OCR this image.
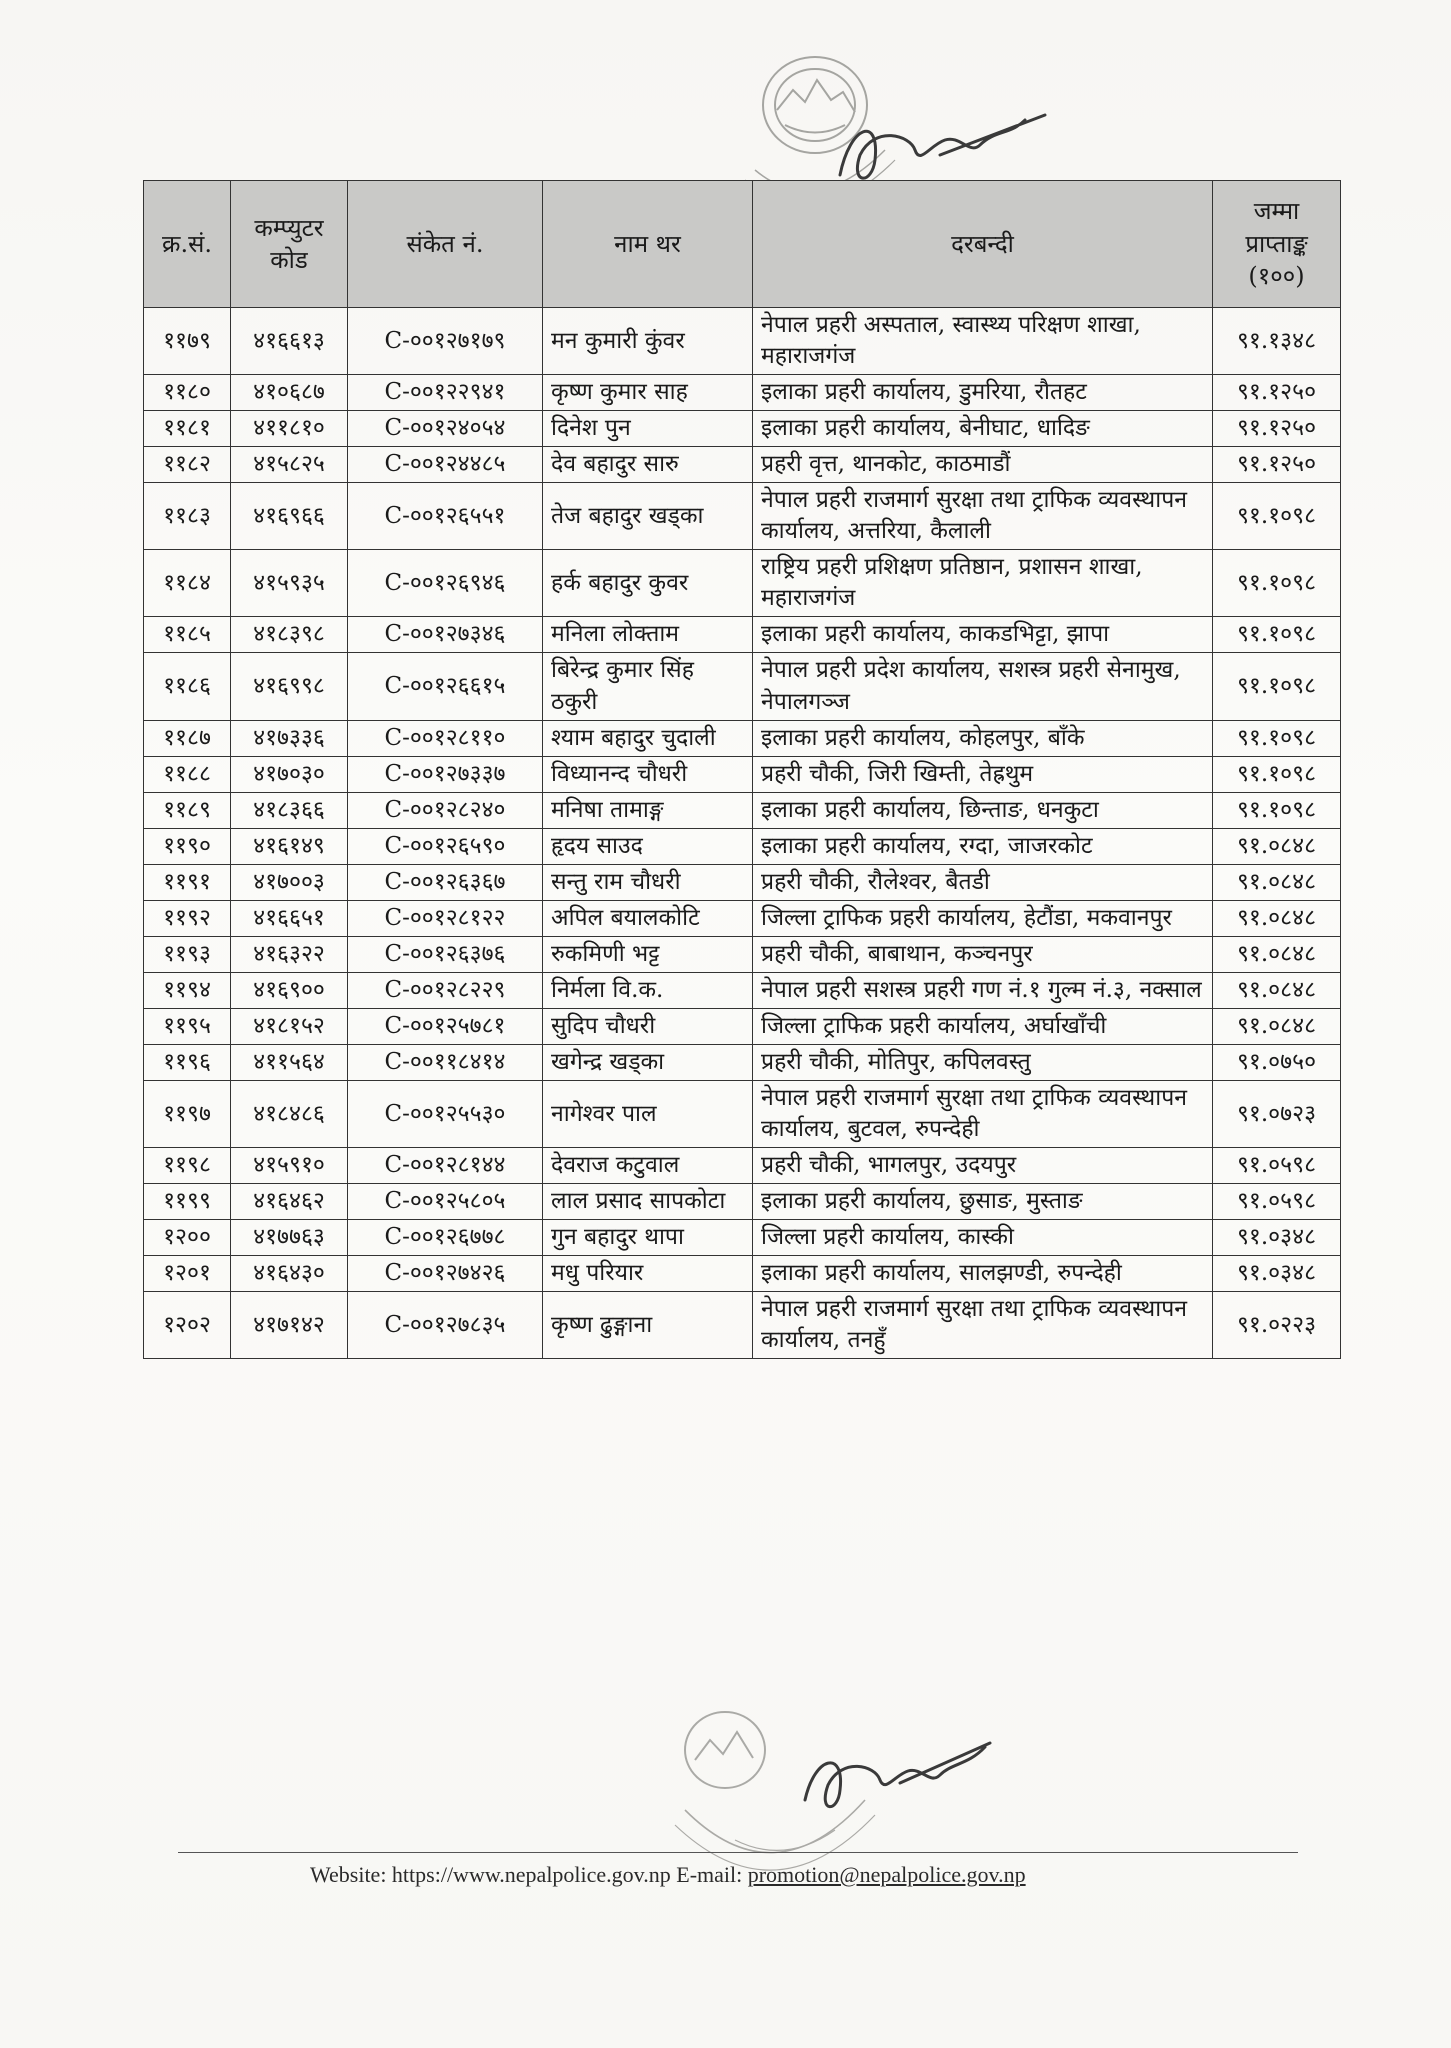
क्र.सं.	कम्प्युटर कोड	संकेत नं.	नाम थर	दरबन्दी	जम्मा प्राप्ताङ्क (१००)
११७९	४१६६१३	C-००१२७१७९	मन कुमारी कुंवर	नेपाल प्रहरी अस्पताल, स्वास्थ्य परिक्षण शाखा, महाराजगंज	९१.१३४८
११८०	४१०६८७	C-००१२२९४१	कृष्ण कुमार साह	इलाका प्रहरी कार्यालय, डुमरिया, रौतहट	९१.१२५०
११८१	४११८१०	C-००१२४०५४	दिनेश पुन	इलाका प्रहरी कार्यालय, बेनीघाट, धादिङ	९१.१२५०
११८२	४१५८२५	C-००१२४४८५	देव बहादुर सारु	प्रहरी वृत्त, थानकोट, काठमाडौं	९१.१२५०
११८३	४१६९६६	C-००१२६५५१	तेज बहादुर खड्का	नेपाल प्रहरी राजमार्ग सुरक्षा तथा ट्राफिक व्यवस्थापन कार्यालय, अत्तरिया, कैलाली	९१.१०९८
११८४	४१५९३५	C-००१२६९४६	हर्क बहादुर कुवर	राष्ट्रिय प्रहरी प्रशिक्षण प्रतिष्ठान, प्रशासन शाखा, महाराजगंज	९१.१०९८
११८५	४१८३९८	C-००१२७३४६	मनिला लोक्ताम	इलाका प्रहरी कार्यालय, काकडभिट्टा, झापा	९१.१०९८
११८६	४१६९९८	C-००१२६६१५	बिरेन्द्र कुमार सिंह ठकुरी	नेपाल प्रहरी प्रदेश कार्यालय, सशस्त्र प्रहरी सेनामुख, नेपालगञ्ज	९१.१०९८
११८७	४१७३३६	C-००१२८११०	श्याम बहादुर चुदाली	इलाका प्रहरी कार्यालय, कोहलपुर, बाँके	९१.१०९८
११८८	४१७०३०	C-००१२७३३७	विध्यानन्द चौधरी	प्रहरी चौकी, जिरी खिम्ती, तेह्रथुम	९१.१०९८
११८९	४१८३६६	C-००१२८२४०	मनिषा तामाङ्ग	इलाका प्रहरी कार्यालय, छिन्ताङ, धनकुटा	९१.१०९८
११९०	४१६१४९	C-००१२६५९०	हृदय साउद	इलाका प्रहरी कार्यालय, रग्दा, जाजरकोट	९१.०८४८
११९१	४१७००३	C-००१२६३६७	सन्तु राम चौधरी	प्रहरी चौकी, रौलेश्वर, बैतडी	९१.०८४८
११९२	४१६६५१	C-००१२८१२२	अपिल बयालकोटि	जिल्ला ट्राफिक प्रहरी कार्यालय, हेटौंडा, मकवानपुर	९१.०८४८
११९३	४१६३२२	C-००१२६३७६	रुकमिणी भट्ट	प्रहरी चौकी, बाबाथान, कञ्चनपुर	९१.०८४८
११९४	४१६९००	C-००१२८२२९	निर्मला वि.क.	नेपाल प्रहरी सशस्त्र प्रहरी गण नं.१ गुल्म नं.३, नक्साल	९१.०८४८
११९५	४१८१५२	C-००१२५७८१	सुदिप चौधरी	जिल्ला ट्राफिक प्रहरी कार्यालय, अर्घाखाँची	९१.०८४८
११९६	४११५६४	C-००११८४१४	खगेन्द्र खड्का	प्रहरी चौकी, मोतिपुर, कपिलवस्तु	९१.०७५०
११९७	४१८४८६	C-००१२५५३०	नागेश्वर पाल	नेपाल प्रहरी राजमार्ग सुरक्षा तथा ट्राफिक व्यवस्थापन कार्यालय, बुटवल, रुपन्देही	९१.०७२३
११९८	४१५९१०	C-००१२८१४४	देवराज कटुवाल	प्रहरी चौकी, भागलपुर, उदयपुर	९१.०५९८
११९९	४१६४६२	C-००१२५८०५	लाल प्रसाद सापकोटा	इलाका प्रहरी कार्यालय, छुसाङ, मुस्ताङ	९१.०५९८
१२००	४१७७६३	C-००१२६७७८	गुन बहादुर थापा	जिल्ला प्रहरी कार्यालय, कास्की	९१.०३४८
१२०१	४१६४३०	C-००१२७४२६	मधु परियार	इलाका प्रहरी कार्यालय, सालझण्डी, रुपन्देही	९१.०३४८
१२०२	४१७१४२	C-००१२७८३५	कृष्ण ढुङ्गाना	नेपाल प्रहरी राजमार्ग सुरक्षा तथा ट्राफिक व्यवस्थापन कार्यालय, तनहुँ	९१.०२२३
Website: https://www.nepalpolice.gov.np E-mail: promotion@nepalpolice.gov.np
